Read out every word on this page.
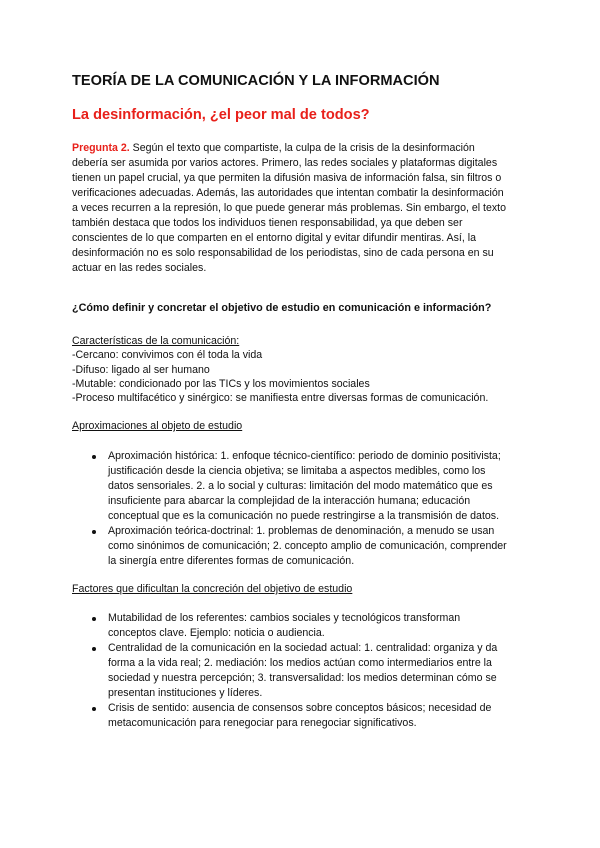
TEORÍA DE LA COMUNICACIÓN Y LA INFORMACIÓN
La desinformación, ¿el peor mal de todos?
Pregunta 2. Según el texto que compartiste, la culpa de la crisis de la desinformación
debería ser asumida por varios actores. Primero, las redes sociales y plataformas digitales
tienen un papel crucial, ya que permiten la difusión masiva de información falsa, sin filtros o
verificaciones adecuadas. Además, las autoridades que intentan combatir la desinformación
a veces recurren a la represión, lo que puede generar más problemas. Sin embargo, el texto
también destaca que todos los individuos tienen responsabilidad, ya que deben ser
conscientes de lo que comparten en el entorno digital y evitar difundir mentiras. Así, la
desinformación no es solo responsabilidad de los periodistas, sino de cada persona en su
actuar en las redes sociales.
¿Cómo definir y concretar el objetivo de estudio en comunicación e información?
Características de la comunicación:
-Cercano: convivimos con él toda la vida
-Difuso: ligado al ser humano
-Mutable: condicionado por las TICs y los movimientos sociales
-Proceso multifacético y sinérgico: se manifiesta entre diversas formas de comunicación.
Aproximaciones al objeto de estudio
Aproximación histórica: 1. enfoque técnico-científico: periodo de dominio positivista;
justificación desde la ciencia objetiva; se limitaba a aspectos medibles, como los
datos sensoriales. 2. a lo social y culturas: limitación del modo matemático que es
insuficiente para abarcar la complejidad de la interacción humana; educación
conceptual que es la comunicación no puede restringirse a la transmisión de datos.
Aproximación teórica-doctrinal: 1. problemas de denominación, a menudo se usan
como sinónimos de comunicación; 2. concepto amplio de comunicación, comprender
la sinergía entre diferentes formas de comunicación.
Factores que dificultan la concreción del objetivo de estudio
Mutabilidad de los referentes: cambios sociales y tecnológicos transforman
conceptos clave. Ejemplo: noticia o audiencia.
Centralidad de la comunicación en la sociedad actual: 1. centralidad: organiza y da
forma a la vida real; 2. mediación: los medios actúan como intermediarios entre la
sociedad y nuestra percepción; 3. transversalidad: los medios determinan cómo se
presentan instituciones y líderes.
Crisis de sentido: ausencia de consensos sobre conceptos básicos; necesidad de
metacomunicación para renegociar para renegociar significativos.
